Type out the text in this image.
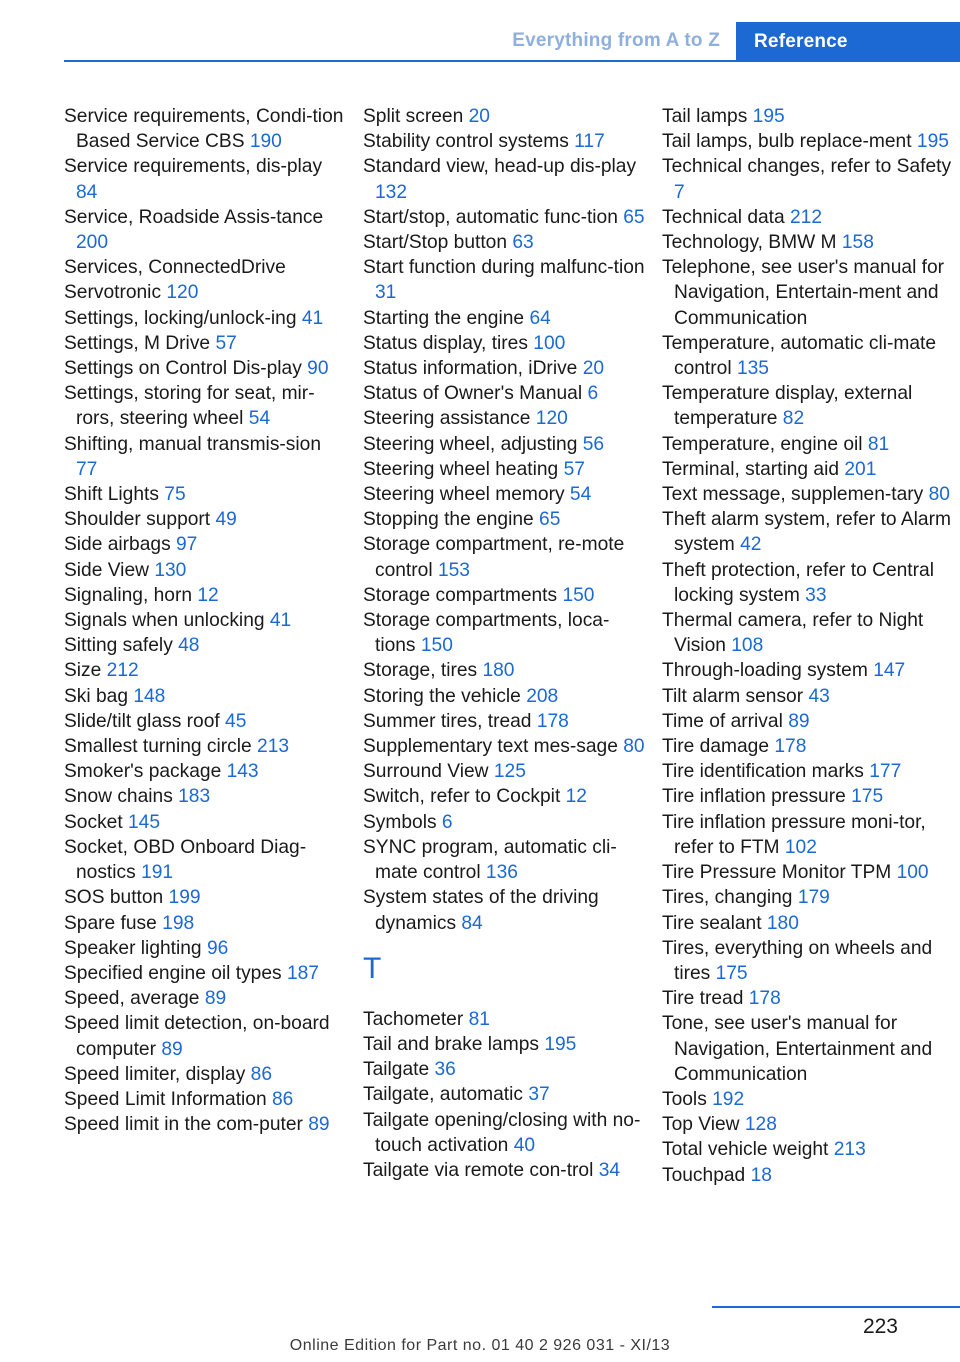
Everything from A to Z	Reference
Service requirements, Condi‐tion Based Service CBS 190
Service requirements, dis‐play 84
Service, Roadside Assis‐tance 200
Services, ConnectedDrive
Servotronic 120
Settings, locking/unlock‐ing 41
Settings, M Drive 57
Settings on Control Dis‐play 90
Settings, storing for seat, mir‐rors, steering wheel 54
Shifting, manual transmis‐sion 77
Shift Lights 75
Shoulder support 49
Side airbags 97
Side View 130
Signaling, horn 12
Signals when unlocking 41
Sitting safely 48
Size 212
Ski bag 148
Slide/tilt glass roof 45
Smallest turning circle 213
Smoker's package 143
Snow chains 183
Socket 145
Socket, OBD Onboard Diag‐nostics 191
SOS button 199
Spare fuse 198
Speaker lighting 96
Specified engine oil types 187
Speed, average 89
Speed limit detection, on‐board computer 89
Speed limiter, display 86
Speed Limit Information 86
Speed limit in the com‐puter 89
Split screen 20
Stability control systems 117
Standard view, head-up dis‐play 132
Start/stop, automatic func‐tion 65
Start/Stop button 63
Start function during malfunc‐tion 31
Starting the engine 64
Status display, tires 100
Status information, iDrive 20
Status of Owner's Manual 6
Steering assistance 120
Steering wheel, adjusting 56
Steering wheel heating 57
Steering wheel memory 54
Stopping the engine 65
Storage compartment, re‐mote control 153
Storage compartments 150
Storage compartments, loca‐tions 150
Storage, tires 180
Storing the vehicle 208
Summer tires, tread 178
Supplementary text mes‐sage 80
Surround View 125
Switch, refer to Cockpit 12
Symbols 6
SYNC program, automatic cli‐mate control 136
System states of the driving dynamics 84
T
Tachometer 81
Tail and brake lamps 195
Tailgate 36
Tailgate, automatic 37
Tailgate opening/closing with no-touch activation 40
Tailgate via remote con‐trol 34
Tail lamps 195
Tail lamps, bulb replace‐ment 195
Technical changes, refer to Safety 7
Technical data 212
Technology, BMW M 158
Telephone, see user's manual for Navigation, Entertain‐ment and Communication
Temperature, automatic cli‐mate control 135
Temperature display, external temperature 82
Temperature, engine oil 81
Terminal, starting aid 201
Text message, supplemen‐tary 80
Theft alarm system, refer to Alarm system 42
Theft protection, refer to Central locking system 33
Thermal camera, refer to Night Vision 108
Through-loading system 147
Tilt alarm sensor 43
Time of arrival 89
Tire damage 178
Tire identification marks 177
Tire inflation pressure 175
Tire inflation pressure moni‐tor, refer to FTM 102
Tire Pressure Monitor TPM 100
Tires, changing 179
Tire sealant 180
Tires, everything on wheels and tires 175
Tire tread 178
Tone, see user's manual for Navigation, Entertainment and Communication
Tools 192
Top View 128
Total vehicle weight 213
Touchpad 18
223
Online Edition for Part no. 01 40 2 926 031 - XI/13
